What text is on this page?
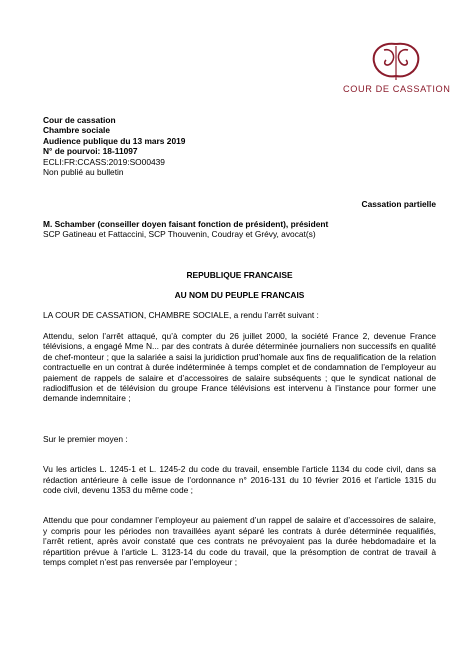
COUR DE CASSATION

Cour de cassation

Chambre sociale

Audience publique du 13 mars 2019

N° de pourvoi: 18-11097

ECLI:FR:CCASS:2019:SO00439

Non publié au bulletin

Cassation partielle

M. Schamber (conseiller doyen faisant fonction de président), président

SCP Gatineau et Fattaccini, SCP Thouvenin, Coudray et Grévy, avocat(s)

REPUBLIQUE FRANCAISE

AU NOM DU PEUPLE FRANCAIS

LA COUR DE CASSATION, CHAMBRE SOCIALE, a rendu l’arrêt suivant :

Attendu, selon l’arrêt attaqué, qu’à compter du 26 juillet 2000, la société France 2, devenue France télévisions, a engagé Mme N... par des contrats à durée déterminée journaliers non successifs en qualité de chef-monteur ; que la salariée a saisi la juridiction prud’homale aux fins de requalification de la relation contractuelle en un contrat à durée indéterminée à temps complet et de condamnation de l’employeur au paiement de rappels de salaire et d’accessoires de salaire subséquents ; que le syndicat national de radiodiffusion et de télévision du groupe France télévisions est intervenu à l’instance pour former une demande indemnitaire ;

Sur le premier moyen :

Vu les articles L. 1245-1 et L. 1245-2 du code du travail, ensemble l’article 1134 du code civil, dans sa rédaction antérieure à celle issue de l’ordonnance n° 2016-131 du 10 février 2016 et l’article 1315 du code civil, devenu 1353 du même code ;

Attendu que pour condamner l’employeur au paiement d’un rappel de salaire et d’accessoires de salaire, y compris pour les périodes non travaillées ayant séparé les contrats à durée déterminée requalifiés, l’arrêt retient, après avoir constaté que ces contrats ne prévoyaient pas la durée hebdomadaire et la répartition prévue à l’article L. 3123-14 du code du travail, que la présomption de contrat de travail à temps complet n’est pas renversée par l’employeur ;
